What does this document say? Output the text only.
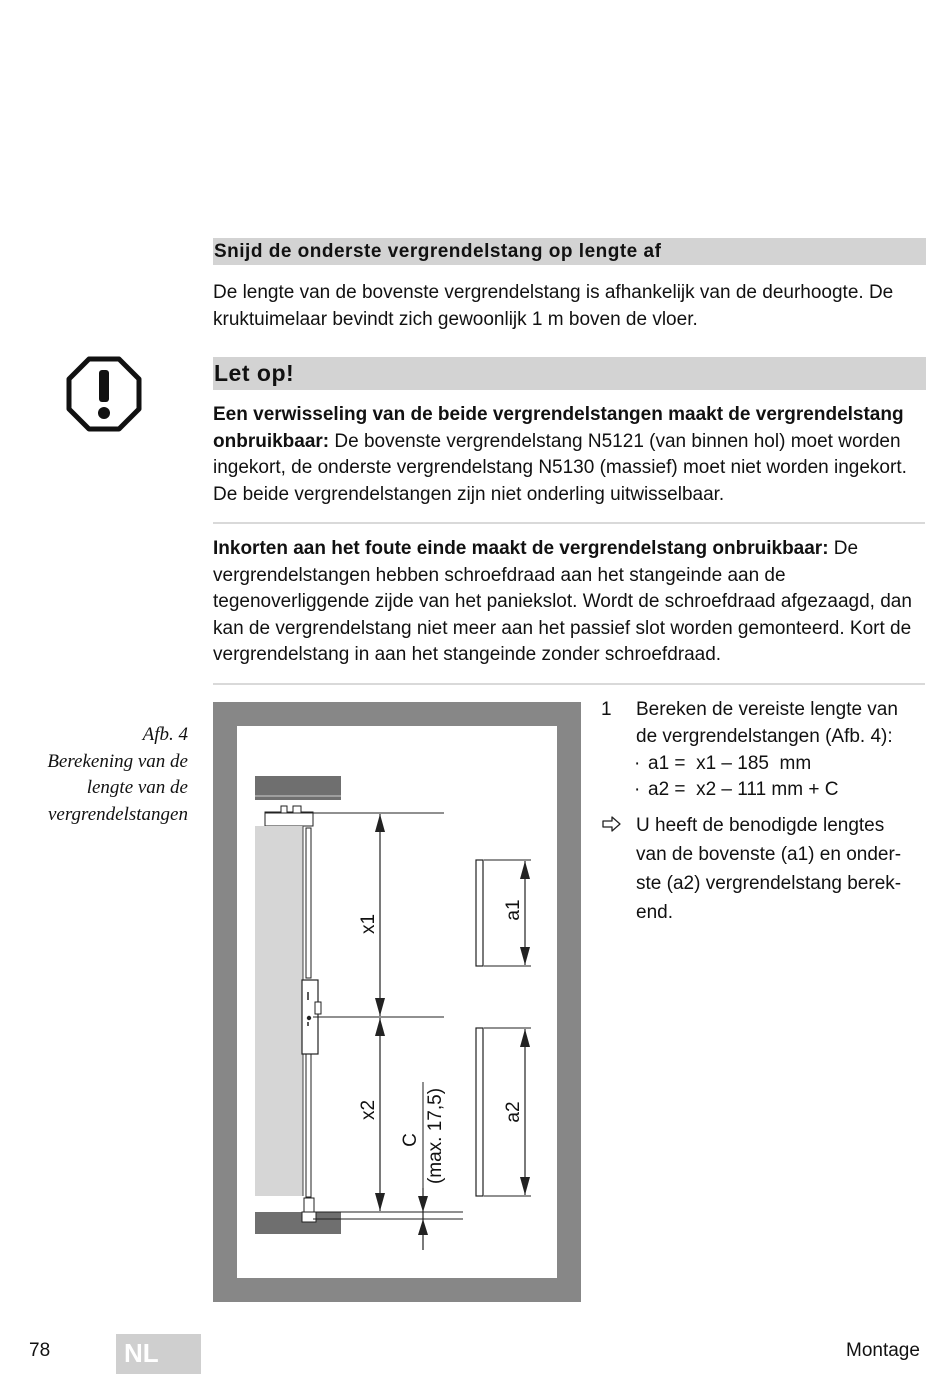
Snijd de onderste vergrendelstang op lengte af
De lengte van de bovenste vergrendelstang is afhankelijk van de deurhoogte. De kruktuimelaar bevindt zich gewoonlijk 1 m boven de vloer.
Let op!
Een verwisseling van de beide vergrendelstangen maakt de vergrendelstang onbruikbaar: De bovenste vergrendelstang N5121 (van binnen hol) moet worden ingekort, de onderste vergrendelstang N5130 (massief) moet niet worden ingekort. De beide vergrendelstangen zijn niet onderling uitwisselbaar.
Inkorten aan het foute einde maakt de vergrendelstang onbruikbaar: De vergrendelstangen hebben schroefdraad aan het stangeinde aan de tegenoverliggende zijde van het paniekslot. Wordt de schroefdraad afgezaagd, dan kan de vergrendelstang niet meer aan het passief slot worden gemonteerd. Kort de vergrendelstang in aan het stangeinde zonder schroefdraad.
Afb. 4
Berekening van de
lengte van de
vergrendelstangen
x1
x2
C (max. 17,5)
a1
a2
1 Bereken de vereiste lengte van
de vergrendelstangen (Afb. 4):
· a1 =  x1 – 185  mm
· a2 =  x2 – 111 mm + C
U heeft de benodigde lengtes
van de bovenste (a1) en onder-
ste (a2) vergrendelstang berek-
end.
78	NL	Montage
